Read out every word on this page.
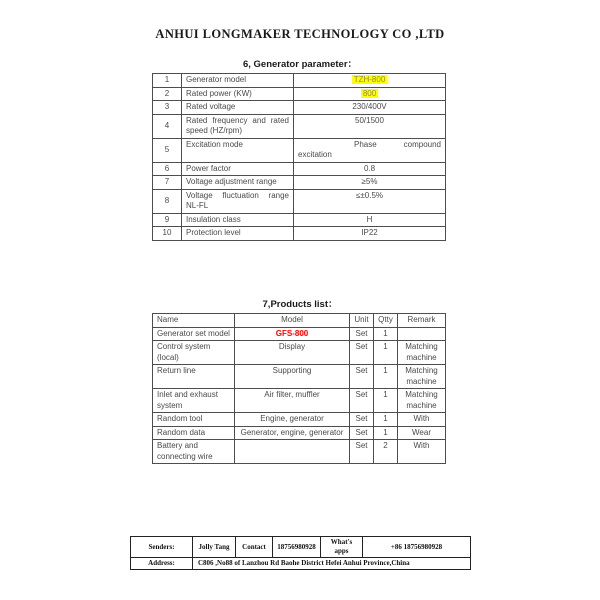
ANHUI LONGMAKER TECHNOLOGY CO ,LTD
6, Generator parameter：
1	Generator model	TZH-800
2	Rated power (KW)	800
3	Rated voltage	230/400V
4	Rated frequency and rated speed (HZ/rpm)	50/1500
5	Excitation mode	Phase compound
excitation

6	Power factor	0.8
7	Voltage adjustment range	≥5%
8	Voltage fluctuation range NL-FL	≤±0.5%
9	Insulation class	H
10	Protection level	IP22
7,Products list：
Name	Model	Unit	Qtty	Remark
Generator set model	GFS-800	Set	1	
Control system (local)	Display	Set	1	Matching machine
Return line	Supporting	Set	1	Matching machine
Inlet and exhaust system	Air filter, muffler	Set	1	Matching machine
Random tool	Engine, generator	Set	1	With
Random data	Generator, engine, generator	Set	1	Wear
Battery and connecting wire		Set	2	With
Senders:	Jolly Tang	Contact	18756980928	What's apps	+86 18756980928
Address:	C806 ,No88 of Lanzhou Rd Baohe District Hefei Anhui Province,China				
